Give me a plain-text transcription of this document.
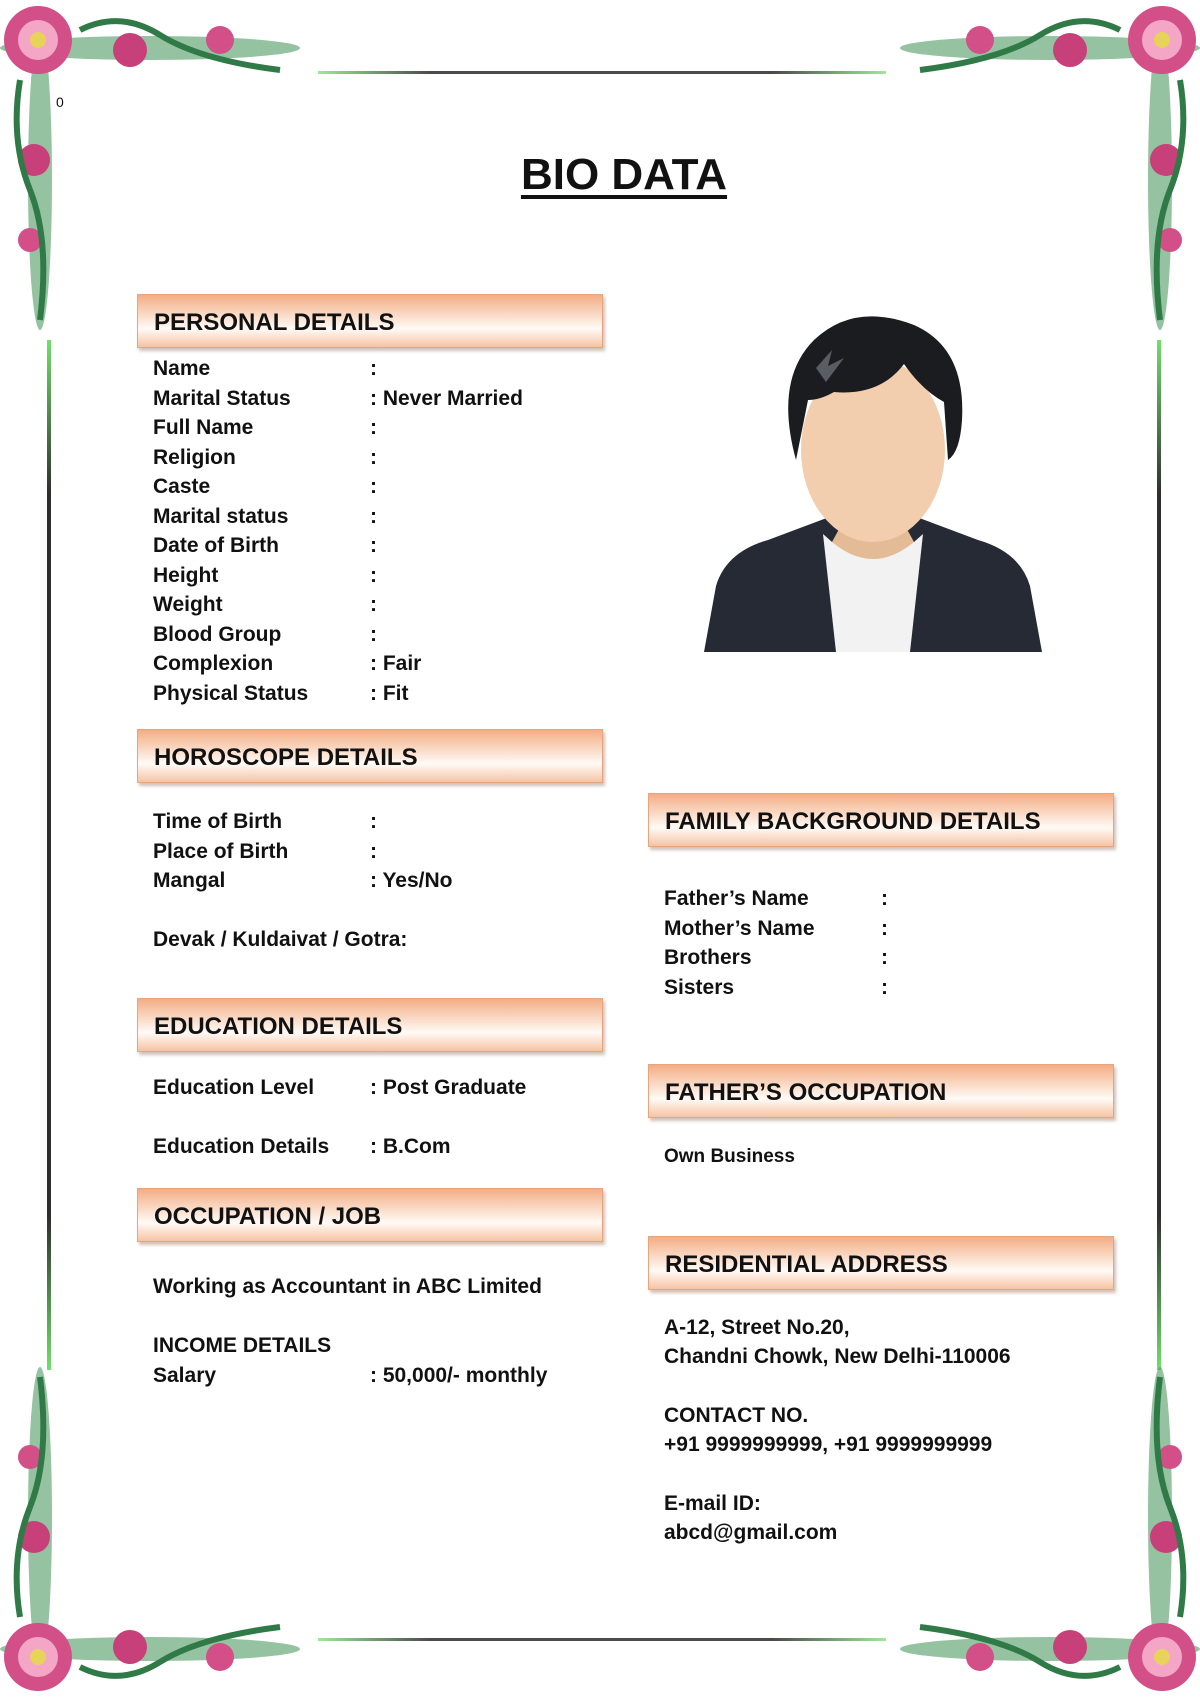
0
BIO DATA
PERSONAL DETAILS
Name	:
Marital Status	: Never Married
Full Name	:
Religion	:
Caste	:
Marital status	:
Date of Birth	:
Height	:
Weight	:
Blood Group	:
Complexion	: Fair
Physical Status	: Fit
HOROSCOPE DETAILS
Time of Birth	:
Place of Birth	:
Mangal	: Yes/No
Devak / Kuldaivat / Gotra:
EDUCATION DETAILS
Education Level	: Post Graduate
Education Details : B.Com
OCCUPATION / JOB
Working as Accountant in ABC Limited
INCOME DETAILS
Salary	: 50,000/- monthly
FAMILY BACKGROUND DETAILS
Father’s Name	:
Mother’s Name	:
Brothers	:
Sisters	:
FATHER’S OCCUPATION
Own Business
RESIDENTIAL ADDRESS
A-12, Street No.20,
Chandni Chowk, New Delhi-110006
CONTACT NO.
+91 9999999999, +91 9999999999
E-mail ID:
abcd@gmail.com
